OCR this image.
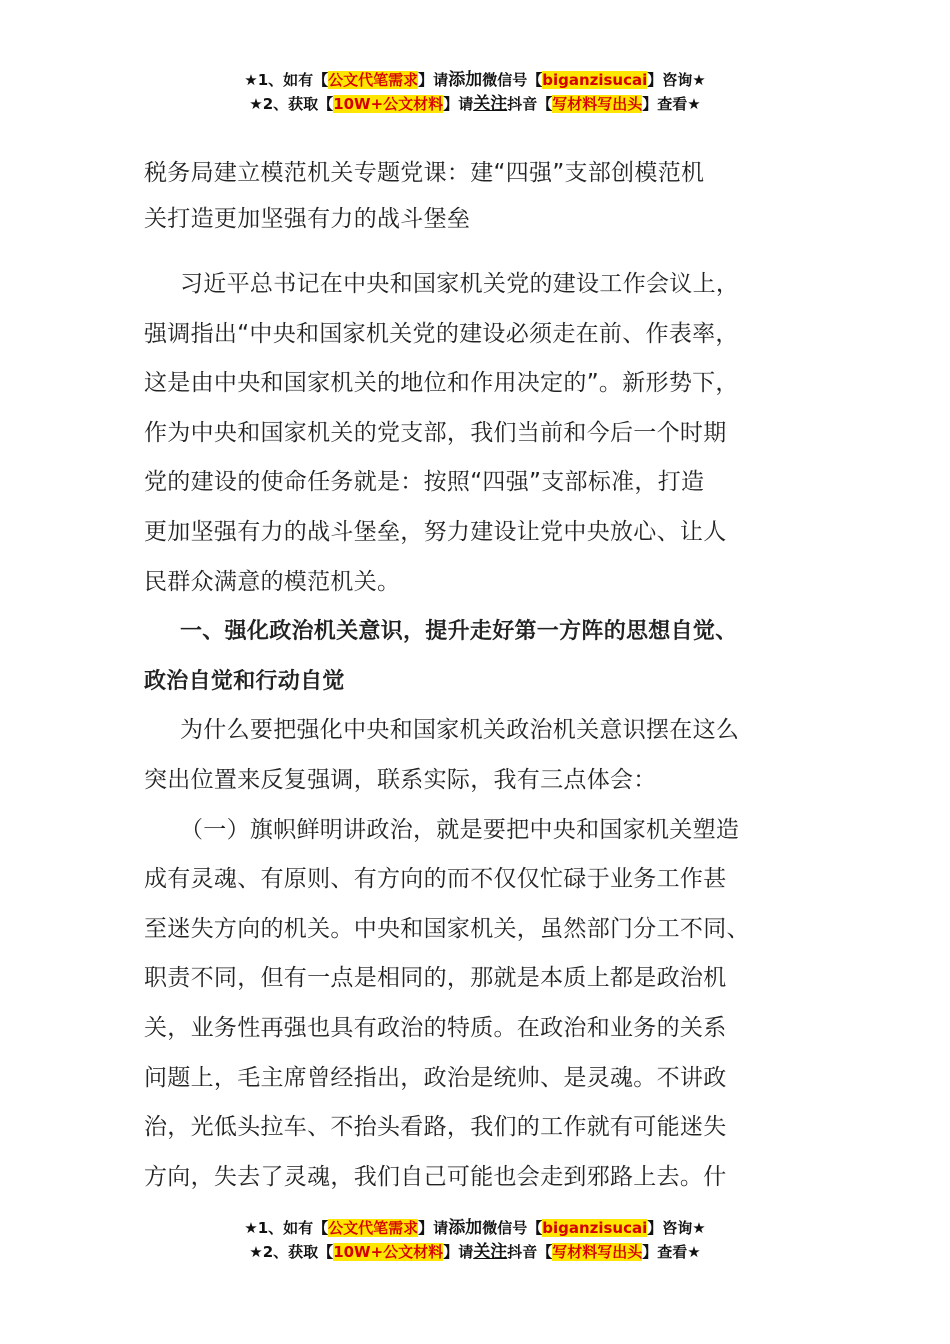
★1、如有【公文代笔需求】请添加微信号【biganzisucai】咨询★
★2、获取【10W+公文材料】请关注抖音【写材料写出头】查看★
税务局建立模范机关专题党课：建“四强”支部创模范机
关打造更加坚强有力的战斗堡垒
习近平总书记在中央和国家机关党的建设工作会议上，
强调指出“中央和国家机关党的建设必须走在前、作表率，
这是由中央和国家机关的地位和作用决定的”。新形势下，
作为中央和国家机关的党支部，我们当前和今后一个时期
党的建设的使命任务就是：按照“四强”支部标准，打造
更加坚强有力的战斗堡垒，努力建设让党中央放心、让人
民群众满意的模范机关。
一、强化政治机关意识，提升走好第一方阵的思想自觉、
政治自觉和行动自觉
为什么要把强化中央和国家机关政治机关意识摆在这么
突出位置来反复强调，联系实际，我有三点体会：
（一）旗帜鲜明讲政治，就是要把中央和国家机关塑造
成有灵魂、有原则、有方向的而不仅仅忙碌于业务工作甚
至迷失方向的机关。中央和国家机关，虽然部门分工不同、
职责不同，但有一点是相同的，那就是本质上都是政治机
关，业务性再强也具有政治的特质。在政治和业务的关系
问题上，毛主席曾经指出，政治是统帅、是灵魂。不讲政
治，光低头拉车、不抬头看路，我们的工作就有可能迷失
方向，失去了灵魂，我们自己可能也会走到邪路上去。什
★1、如有【公文代笔需求】请添加微信号【biganzisucai】咨询★
★2、获取【10W+公文材料】请关注抖音【写材料写出头】查看★
